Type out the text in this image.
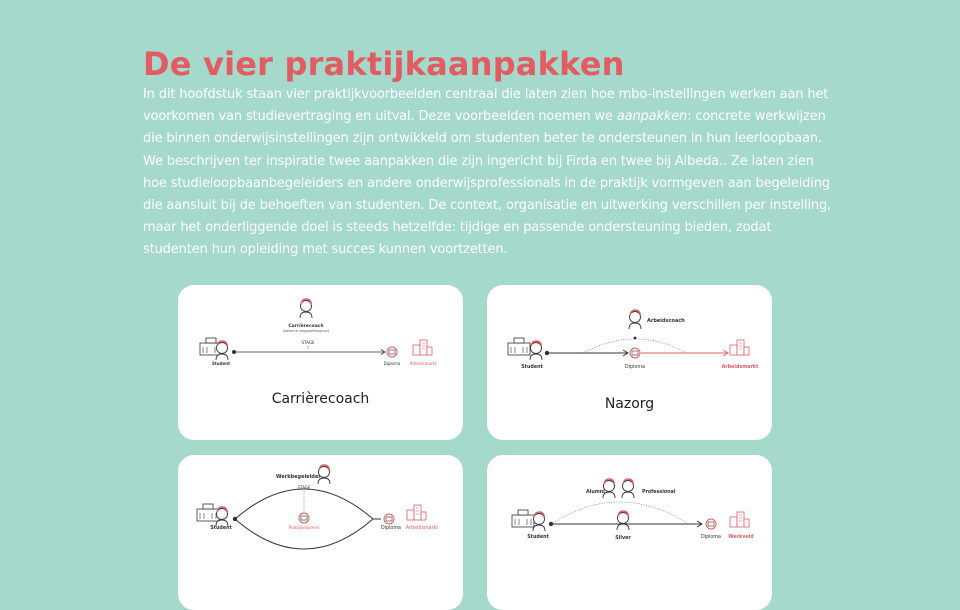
De vier praktijkaanpakken

In dit hoofdstuk staan vier praktijkvoorbeelden centraal die laten zien hoe mbo-instellingen werken aan het voorkomen van studievertraging en uitval. Deze voorbeelden noemen we aanpakken: concrete werkwijzen die binnen onderwijsinstellingen zijn ontwikkeld om studenten beter te ondersteunen in hun leerloopbaan. We beschrijven ter inspiratie twee aanpakken die zijn ingericht bij Firda en twee bij Albeda.. Ze laten zien hoe studieloopbaanbegeleiders en andere onderwijsprofessionals in de praktijk vormgeven aan begeleiding die aansluit bij de behoeften van studenten. De context, organisatie en uitwerking verschillen per instelling, maar het onderliggende doel is steeds hetzelfde: tijdige en passende ondersteuning bieden, zodat studenten hun opleiding met succes kunnen voortzetten.

Carrièrecoach
(externe zorgprofessional)
STAGE
Student	Diploma Arbeidsmarkt
Carrièrecoach
Arbeidscoach
Student	Diploma	Arbeidsmarkt
Nazorg
Werkbegeleider
STAGE
Praktijkexamen
Student	Diploma Arbeidsmarkt
Alumni	Professional
Student	Silver	Diploma Werkveld
